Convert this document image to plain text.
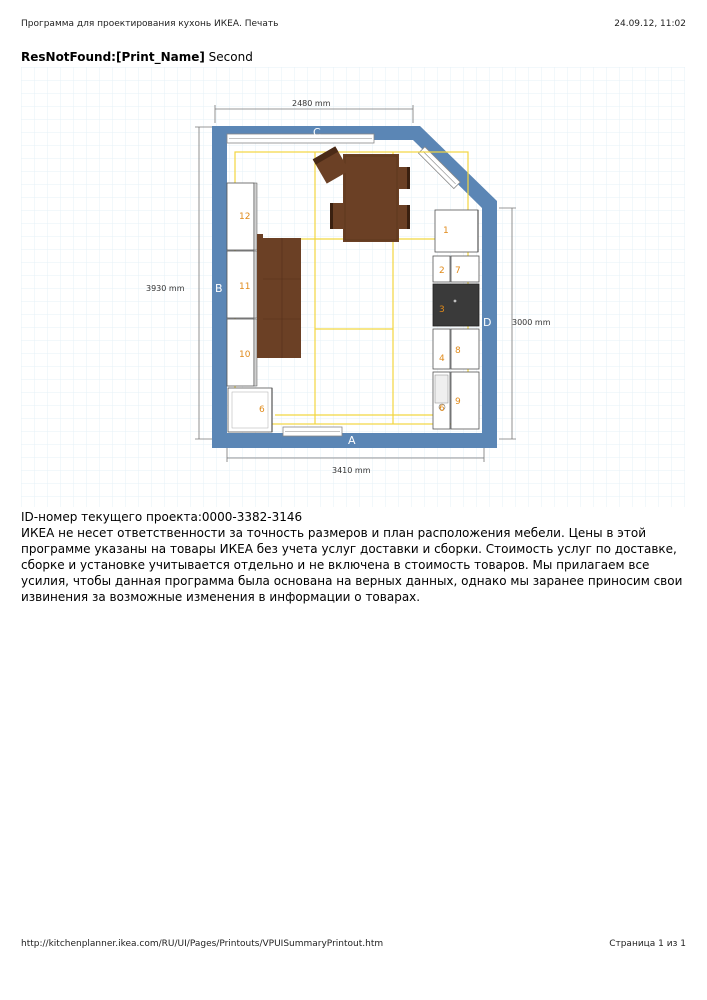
Программа для проектирования кухонь ИКЕА. Печать	24.09.12, 11:02
ResNotFound:[Print_Name] Second
2480 mm
3930 mm
3000 mm
3410 mm
A
B
C
D
12
11
10
6
1
2 7
3
4
8
6
9

ID-номер текущего проекта:0000-3382-3146

ИКЕА не несет ответственности за точность размеров и план расположения мебели. Цены в этой программе указаны на товары ИКЕА без учета услуг доставки и сборки. Стоимость услуг по доставке, сборке и установке учитывается отдельно и не включена в стоимость товаров. Мы прилагаем все усилия, чтобы данная программа была основана на верных данных, однако мы заранее приносим свои извинения за возможные изменения в информации о товарах.

http://kitchenplanner.ikea.com/RU/UI/Pages/Printouts/VPUISummaryPrintout.htm	Страница 1 из 1
